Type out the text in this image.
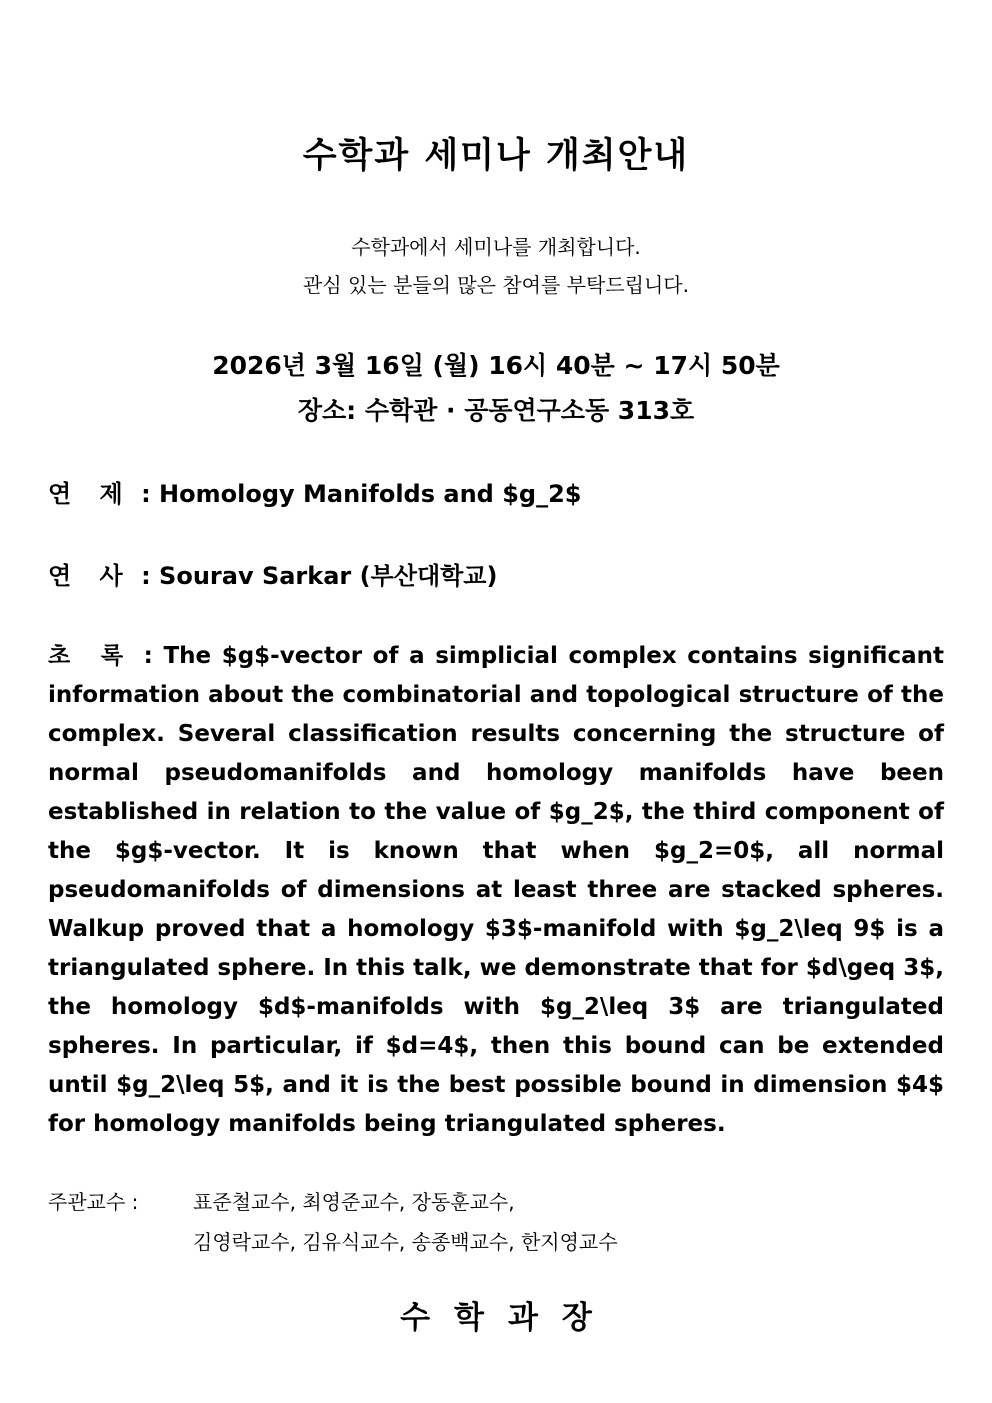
수학과 세미나 개최안내
수학과에서 세미나를 개최합니다.
관심 있는 분들의 많은 참여를 부탁드립니다.
2026년 3월 16일 (월) 16시 40분 ~ 17시 50분
장소: 수학관 · 공동연구소동 313호
연 제 : Homology Manifolds and $g_2$
연 사 : Sourav Sarkar (부산대학교)
초 록 : The $g$-vector of a simplicial complex contains significant information about the combinatorial and topological structure of the complex. Several classification results concerning the structure of normal pseudomanifolds and homology manifolds have been established in relation to the value of $g_2$, the third component of the $g$-vector. It is known that when $g_2=0$, all normal pseudomanifolds of dimensions at least three are stacked spheres. Walkup proved that a homology $3$-manifold with $g_2\leq 9$ is a triangulated sphere. In this talk, we demonstrate that for $d\geq 3$, the homology $d$-manifolds with $g_2\leq 3$ are triangulated spheres. In particular, if $d=4$, then this bound can be extended until $g_2\leq 5$, and it is the best possible bound in dimension $4$ for homology manifolds being triangulated spheres.
주관교수 :	표준철교수, 최영준교수, 장동훈교수,
김영락교수, 김유식교수, 송종백교수, 한지영교수
수학과장
